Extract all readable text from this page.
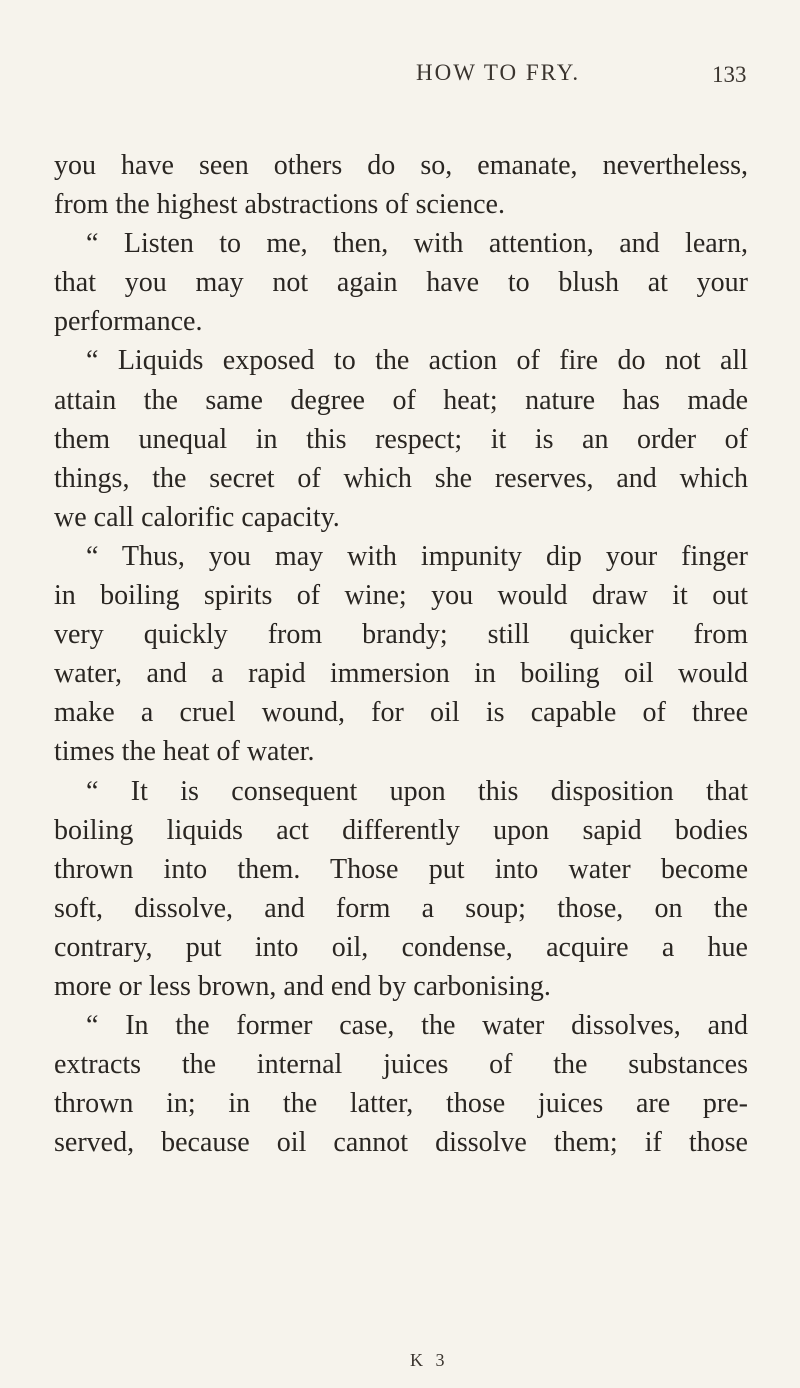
HOW TO FRY.	133
you have seen others do so, emanate, nevertheless,
from the highest abstractions of science.
“ Listen to me, then, with attention, and learn,
that you may not again have to blush at your
performance.
“ Liquids exposed to the action of fire do not all
attain the same degree of heat; nature has made
them unequal in this respect; it is an order of
things, the secret of which she reserves, and which
we call calorific capacity.
“ Thus, you may with impunity dip your finger
in boiling spirits of wine; you would draw it out
very quickly from brandy; still quicker from
water, and a rapid immersion in boiling oil would
make a cruel wound, for oil is capable of three
times the heat of water.
“ It is consequent upon this disposition that
boiling liquids act differently upon sapid bodies
thrown into them. Those put into water become
soft, dissolve, and form a soup; those, on the
contrary, put into oil, condense, acquire a hue
more or less brown, and end by carbonising.
“ In the former case, the water dissolves, and
extracts the internal juices of the substances
thrown in; in the latter, those juices are pre-
served, because oil cannot dissolve them; if those
K 3
